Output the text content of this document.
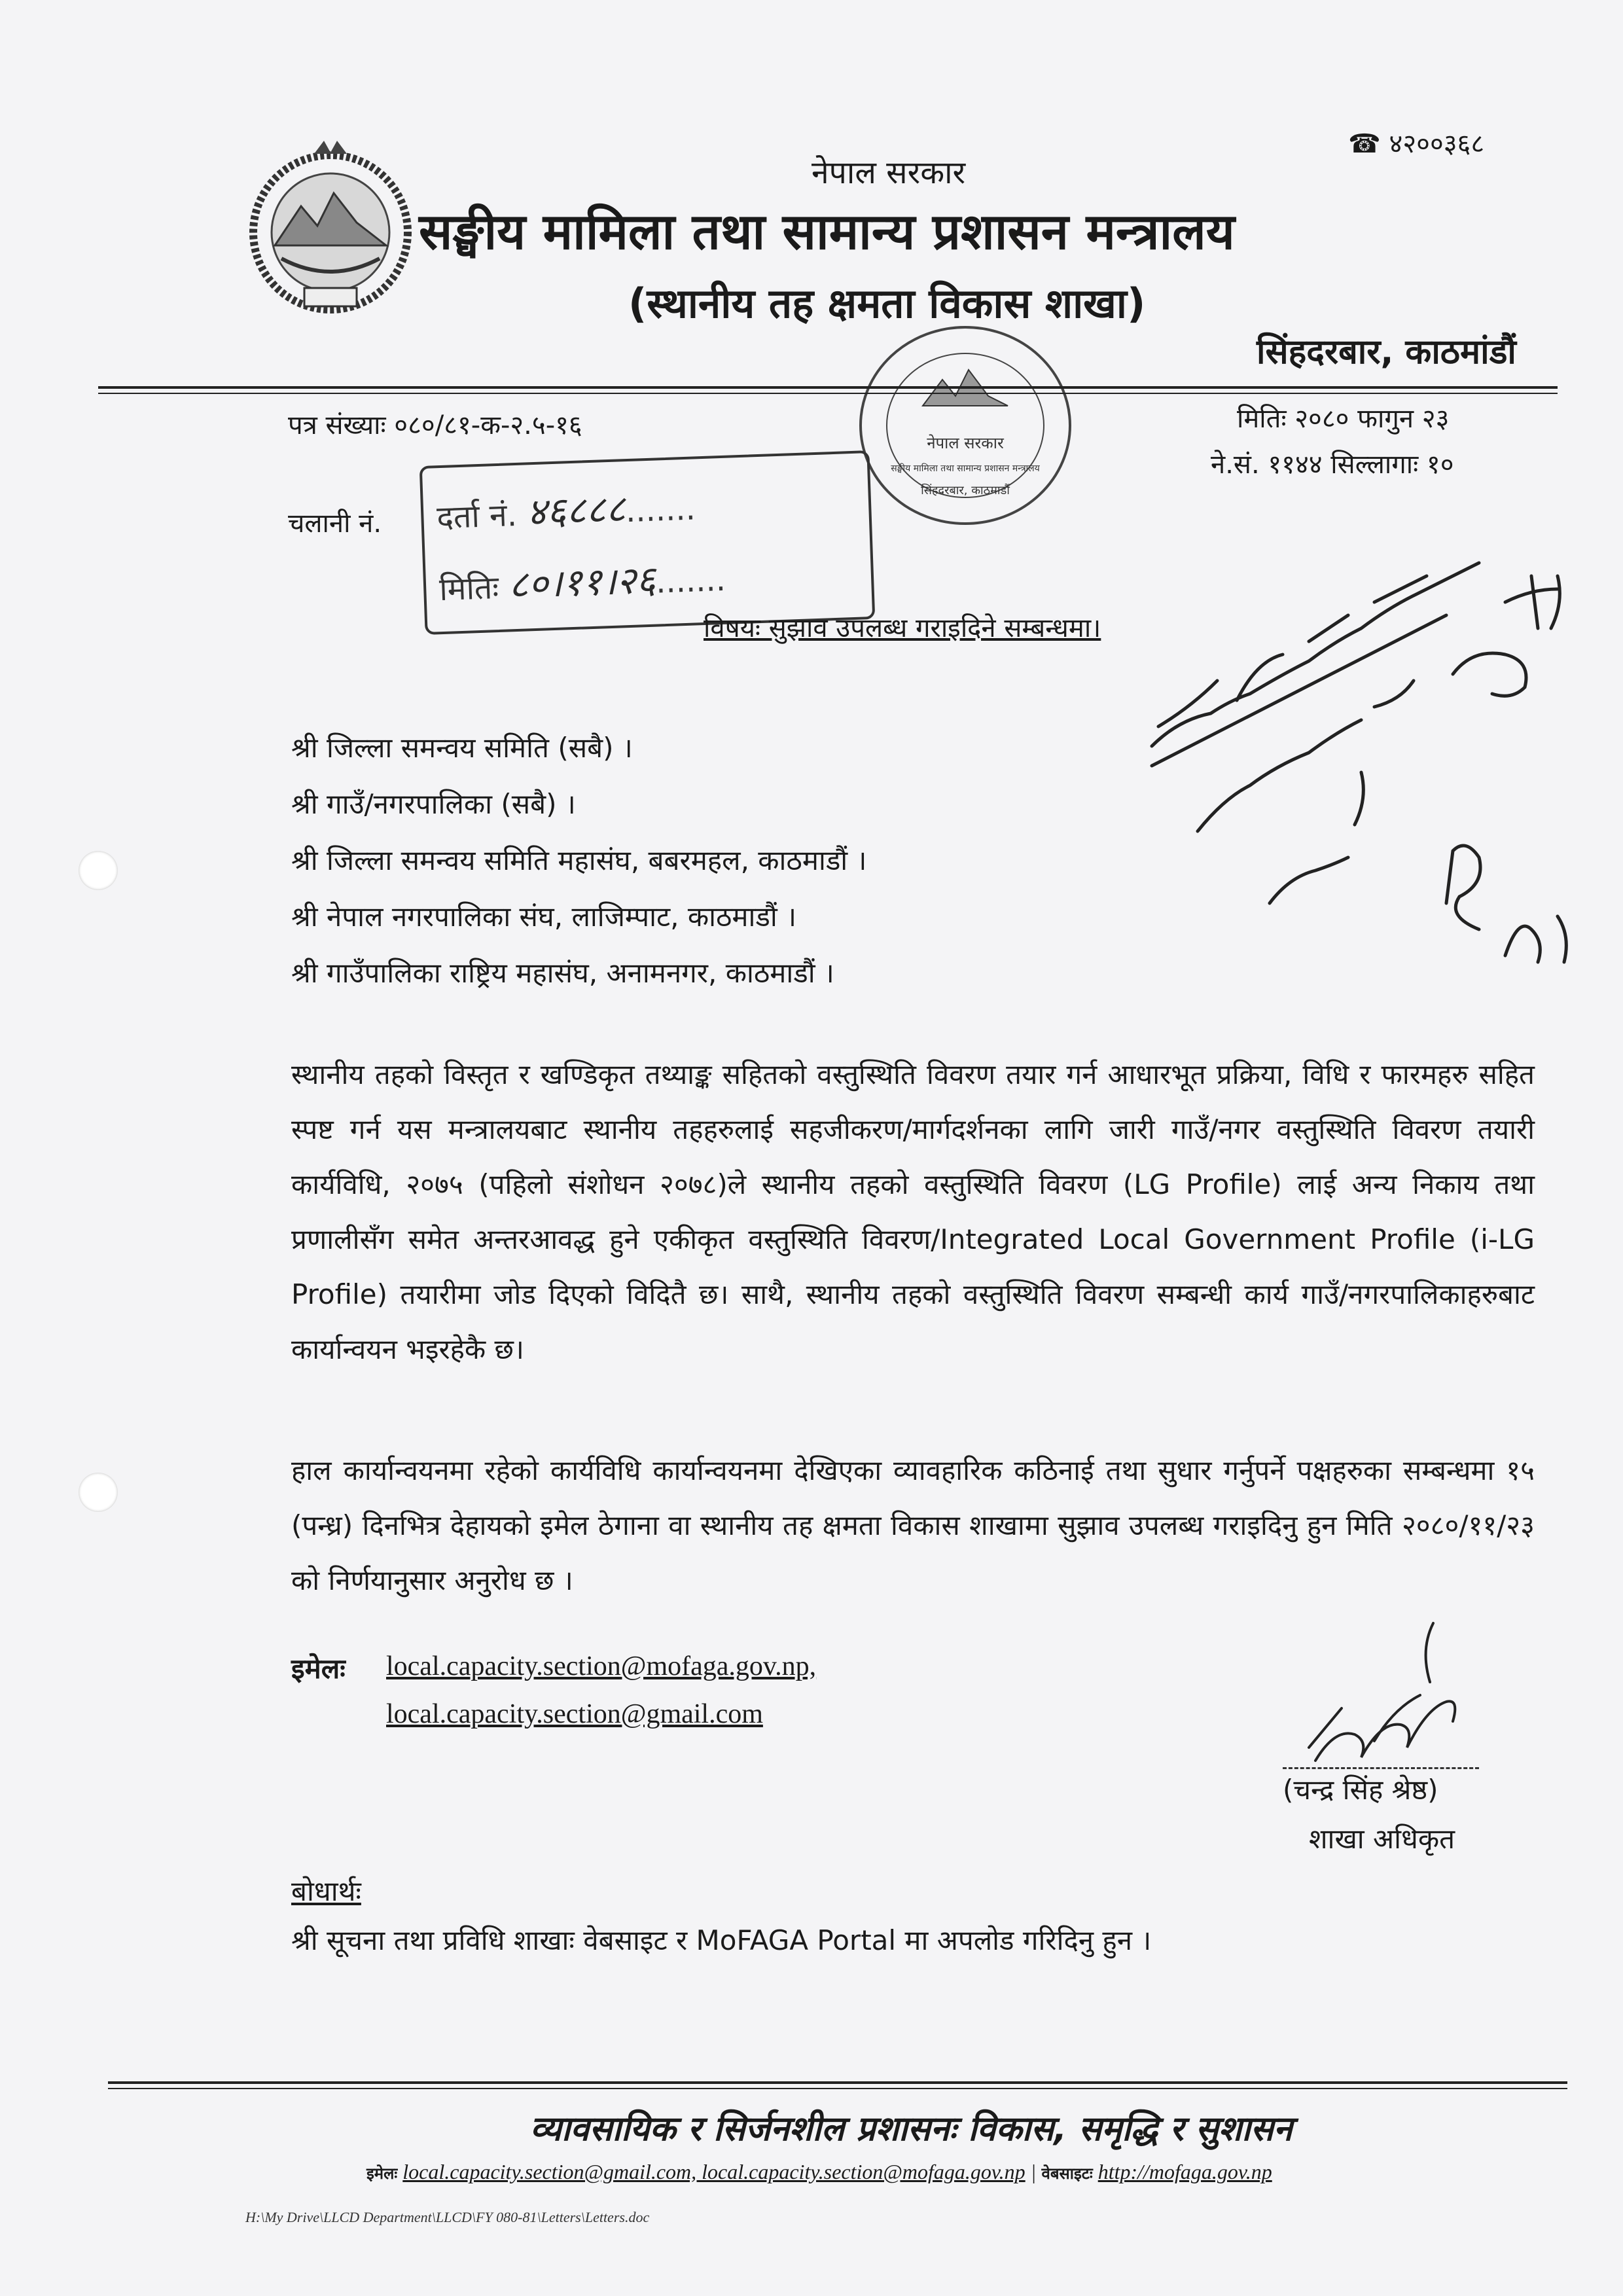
☎ ४२००३६८
नेपाल सरकार
सङ्घीय मामिला तथा सामान्य प्रशासन मन्त्रालय
(स्थानीय तह क्षमता विकास शाखा)
सिंहदरबार, काठमांडौं
नेपाल सरकार
सङ्घीय मामिला तथा सामान्य प्रशासन मन्त्रालय
सिंहदरबार, काठमाडौं
पत्र संख्याः ०८०/८१-क-२.५-१६	मितिः २०८० फागुन २३
ने.सं. ११४४ सिल्लागाः १०
चलानी नं. दर्ता नं. ४६८८८.......
मितिः ८०।११।२६.......
विषयः सुझाव उपलब्ध गराइदिने सम्बन्धमा।
श्री जिल्ला समन्वय समिति (सबै) ।
श्री गाउँ/नगरपालिका (सबै) ।
श्री जिल्ला समन्वय समिति महासंघ, बबरमहल, काठमाडौं ।
श्री नेपाल नगरपालिका संघ, लाजिम्पाट, काठमाडौं ।
श्री गाउँपालिका राष्ट्रिय महासंघ, अनामनगर, काठमाडौं ।
स्थानीय तहको विस्तृत र खण्डिकृत तथ्याङ्क सहितको वस्तुस्थिति विवरण तयार गर्न आधारभूत प्रक्रिया, विधि र फारमहरु सहित स्पष्ट गर्न यस मन्त्रालयबाट स्थानीय तहहरुलाई सहजीकरण/मार्गदर्शनका लागि जारी गाउँ/नगर वस्तुस्थिति विवरण तयारी कार्यविधि, २०७५ (पहिलो संशोधन २०७८)ले स्थानीय तहको वस्तुस्थिति विवरण (LG Profile) लाई अन्य निकाय तथा प्रणालीसँग समेत अन्तरआवद्ध हुने एकीकृत वस्तुस्थिति विवरण/Integrated Local Government Profile (i-LG Profile) तयारीमा जोड दिएको विदितै छ। साथै, स्थानीय तहको वस्तुस्थिति विवरण सम्बन्धी कार्य गाउँ/नगरपालिकाहरुबाट कार्यान्वयन भइरहेकै छ।
हाल कार्यान्वयनमा रहेको कार्यविधि कार्यान्वयनमा देखिएका व्यावहारिक कठिनाई तथा सुधार गर्नुपर्ने पक्षहरुका सम्बन्धमा १५ (पन्ध्र) दिनभित्र देहायको इमेल ठेगाना वा स्थानीय तह क्षमता विकास शाखामा सुझाव उपलब्ध गराइदिनु हुन मिति २०८०/११/२३ को निर्णयानुसार अनुरोध छ ।
इमेलः local.capacity.section@mofaga.gov.np,
local.capacity.section@gmail.com
(चन्द्र सिंह श्रेष्ठ)
शाखा अधिकृत
बोधार्थः
श्री सूचना तथा प्रविधि शाखाः वेबसाइट र MoFAGA Portal मा अपलोड गरिदिनु हुन ।
व्यावसायिक र सिर्जनशील प्रशासनः विकास, समृद्धि र सुशासन
इमेलः local.capacity.section@gmail.com, local.capacity.section@mofaga.gov.np | वेबसाइटः http://mofaga.gov.np
H:\My Drive\LLCD Department\LLCD\FY 080-81\Letters\Letters.doc
